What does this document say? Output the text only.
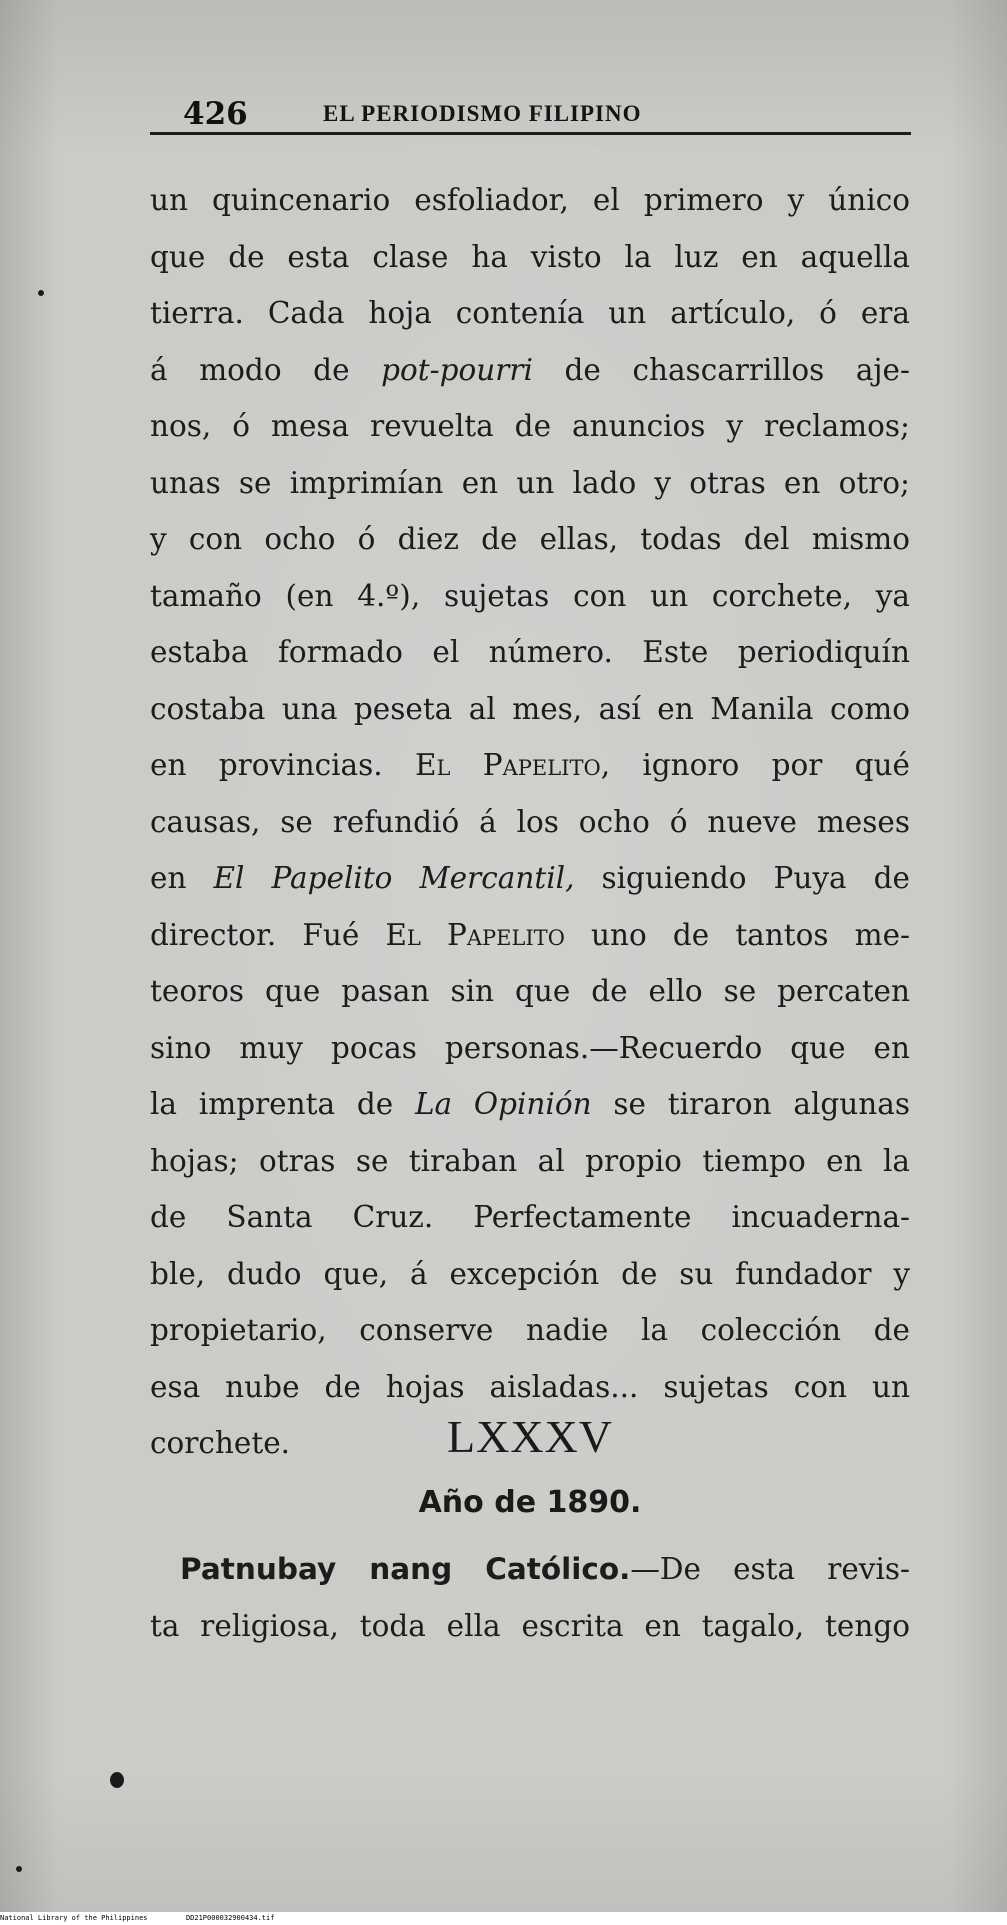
426	EL PERIODISMO FILIPINO
un quincenario esfoliador, el primero y único
que de esta clase ha visto la luz en aquella
tierra. Cada hoja contenía un artículo, ó era
á modo de pot-pourri de chascarrillos aje-
nos, ó mesa revuelta de anuncios y reclamos;
unas se imprimían en un lado y otras en otro;
y con ocho ó diez de ellas, todas del mismo
tamaño (en 4.º), sujetas con un corchete, ya
estaba formado el número. Este periodiquín
costaba una peseta al mes, así en Manila como
en provincias. El Papelito, ignoro por qué
causas, se refundió á los ocho ó nueve meses
en El Papelito Mercantil, siguiendo Puya de
director. Fué El Papelito uno de tantos me-
teoros que pasan sin que de ello se percaten
sino muy pocas personas.—Recuerdo que en
la imprenta de La Opinión se tiraron algunas
hojas; otras se tiraban al propio tiempo en la
de Santa Cruz. Perfectamente incuaderna-
ble, dudo que, á excepción de su fundador y
propietario, conserve nadie la colección de
esa nube de hojas aisladas... sujetas con un
corchete.	LXXXV
Año de 1890.
Patnubay nang Católico.—De esta revis-
ta religiosa, toda ella escrita en tagalo, tengo
National Library of the Philippines	DD21P000032900434.tif
